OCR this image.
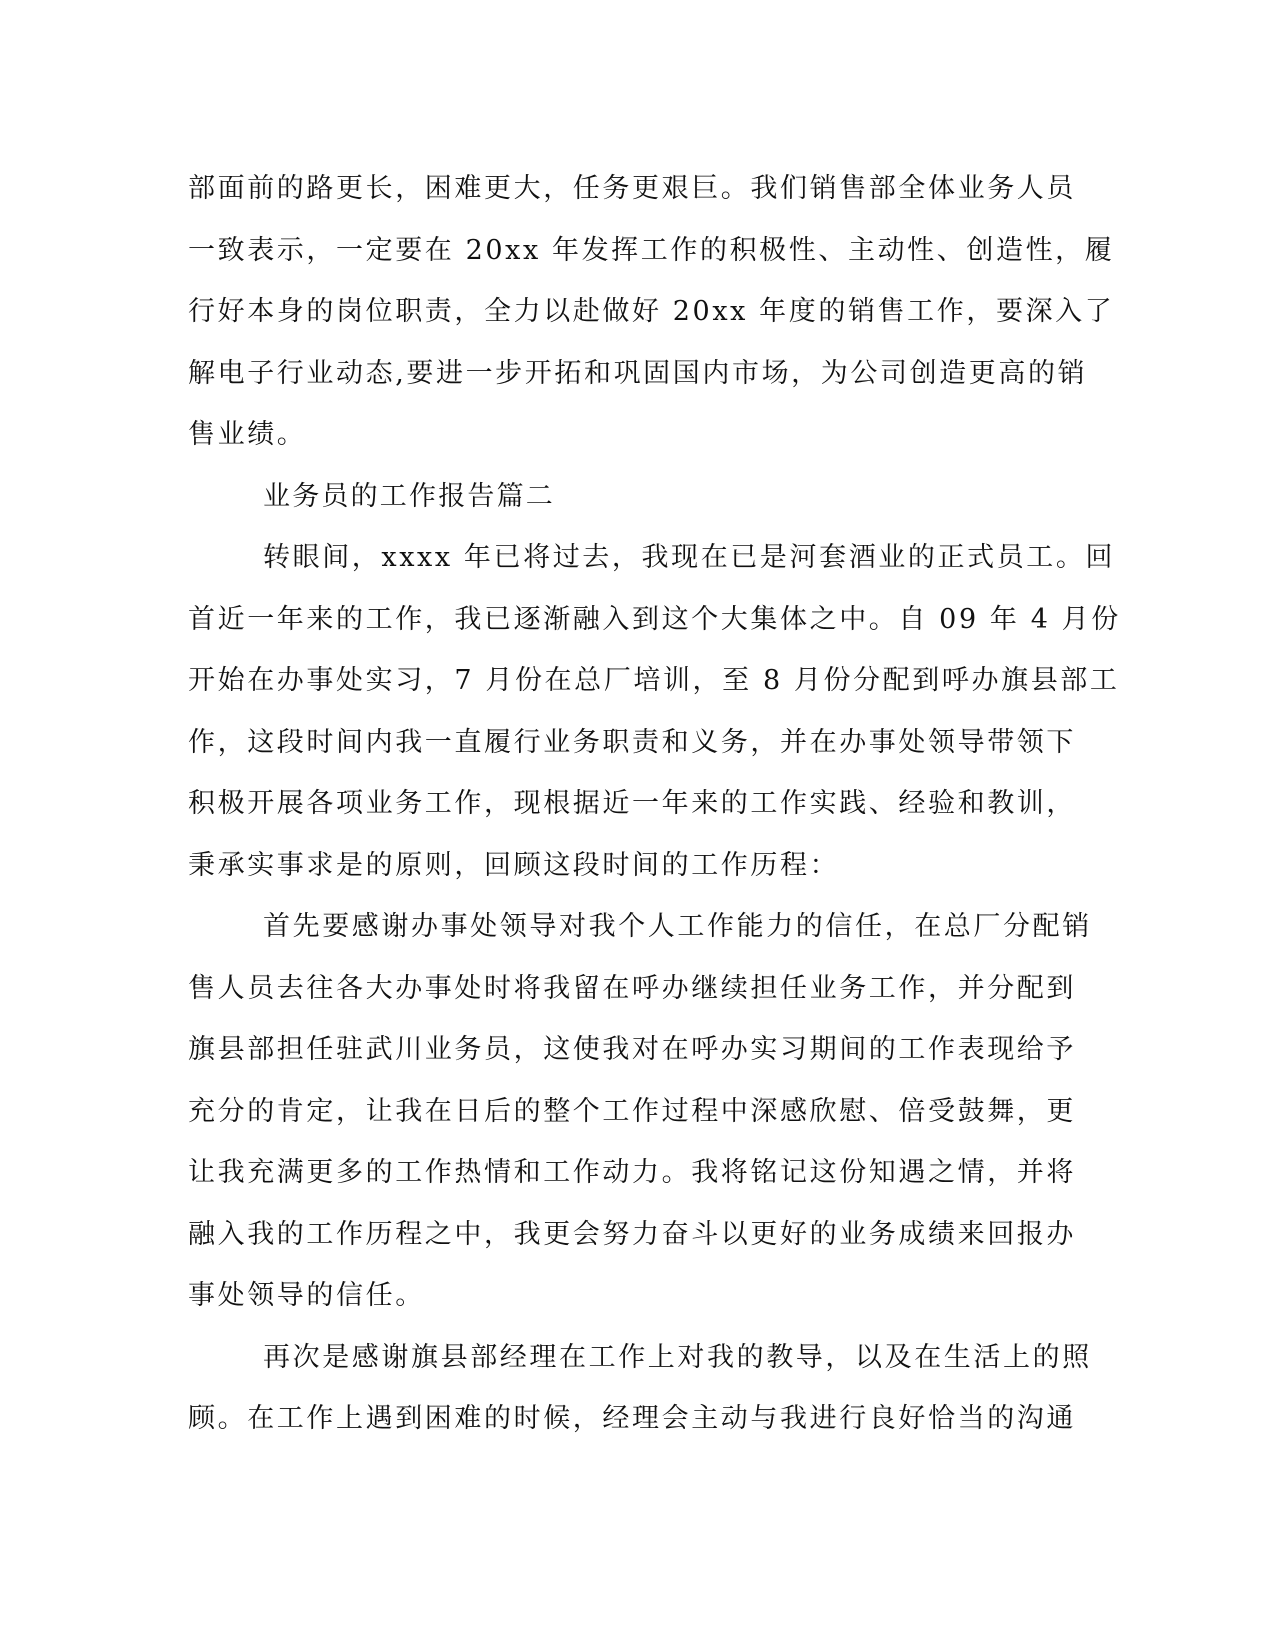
部面前的路更长，困难更大，任务更艰巨。我们销售部全体业务人员
一致表示，一定要在 20xx 年发挥工作的积极性、主动性、创造性，履
行好本身的岗位职责，全力以赴做好 20xx 年度的销售工作，要深入了
解电子行业动态,要进一步开拓和巩固国内市场，为公司创造更高的销
售业绩。
业务员的工作报告篇二
转眼间，xxxx 年已将过去，我现在已是河套酒业的正式员工。回
首近一年来的工作，我已逐渐融入到这个大集体之中。自 09 年 4 月份
开始在办事处实习，7 月份在总厂培训，至 8 月份分配到呼办旗县部工
作，这段时间内我一直履行业务职责和义务，并在办事处领导带领下
积极开展各项业务工作，现根据近一年来的工作实践、经验和教训，
秉承实事求是的原则，回顾这段时间的工作历程：
首先要感谢办事处领导对我个人工作能力的信任，在总厂分配销
售人员去往各大办事处时将我留在呼办继续担任业务工作，并分配到
旗县部担任驻武川业务员，这使我对在呼办实习期间的工作表现给予
充分的肯定，让我在日后的整个工作过程中深感欣慰、倍受鼓舞，更
让我充满更多的工作热情和工作动力。我将铭记这份知遇之情，并将
融入我的工作历程之中，我更会努力奋斗以更好的业务成绩来回报办
事处领导的信任。
再次是感谢旗县部经理在工作上对我的教导，以及在生活上的照
顾。在工作上遇到困难的时候，经理会主动与我进行良好恰当的沟通
